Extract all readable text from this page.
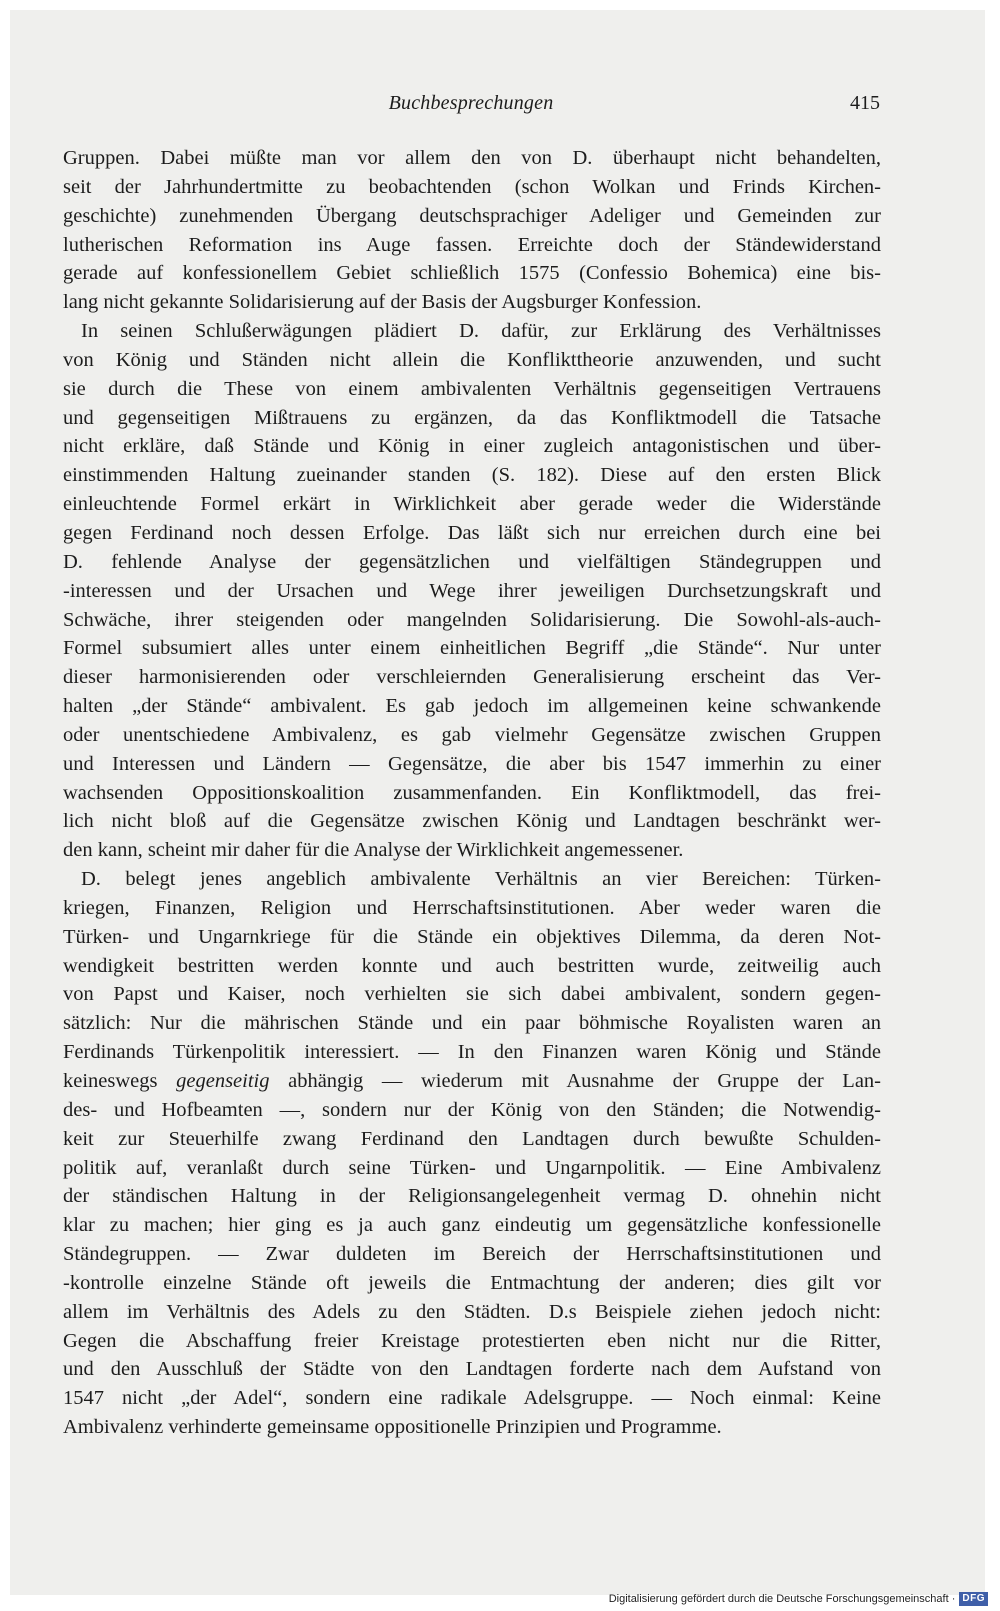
Buchbesprechungen	415
Gruppen. Dabei müßte man vor allem den von D. überhaupt nicht behandelten,
seit der Jahrhundertmitte zu beobachtenden (schon Wolkan und Frinds Kirchen-
geschichte) zunehmenden Übergang deutschsprachiger Adeliger und Gemeinden zur
lutherischen Reformation ins Auge fassen. Erreichte doch der Ständewiderstand
gerade auf konfessionellem Gebiet schließlich 1575 (Confessio Bohemica) eine bis-
lang nicht gekannte Solidarisierung auf der Basis der Augsburger Konfession.
In seinen Schlußerwägungen plädiert D. dafür, zur Erklärung des Verhältnisses
von König und Ständen nicht allein die Konflikttheorie anzuwenden, und sucht
sie durch die These von einem ambivalenten Verhältnis gegenseitigen Vertrauens
und gegenseitigen Mißtrauens zu ergänzen, da das Konfliktmodell die Tatsache
nicht erkläre, daß Stände und König in einer zugleich antagonistischen und über-
einstimmenden Haltung zueinander standen (S. 182). Diese auf den ersten Blick
einleuchtende Formel erkärt in Wirklichkeit aber gerade weder die Widerstände
gegen Ferdinand noch dessen Erfolge. Das läßt sich nur erreichen durch eine bei
D. fehlende Analyse der gegensätzlichen und vielfältigen Ständegruppen und
-interessen und der Ursachen und Wege ihrer jeweiligen Durchsetzungskraft und
Schwäche, ihrer steigenden oder mangelnden Solidarisierung. Die Sowohl-als-auch-
Formel subsumiert alles unter einem einheitlichen Begriff „die Stände“. Nur unter
dieser harmonisierenden oder verschleiernden Generalisierung erscheint das Ver-
halten „der Stände“ ambivalent. Es gab jedoch im allgemeinen keine schwankende
oder unentschiedene Ambivalenz, es gab vielmehr Gegensätze zwischen Gruppen
und Interessen und Ländern — Gegensätze, die aber bis 1547 immerhin zu einer
wachsenden Oppositionskoalition zusammenfanden. Ein Konfliktmodell, das frei-
lich nicht bloß auf die Gegensätze zwischen König und Landtagen beschränkt wer-
den kann, scheint mir daher für die Analyse der Wirklichkeit angemessener.
D. belegt jenes angeblich ambivalente Verhältnis an vier Bereichen: Türken-
kriegen, Finanzen, Religion und Herrschaftsinstitutionen. Aber weder waren die
Türken- und Ungarnkriege für die Stände ein objektives Dilemma, da deren Not-
wendigkeit bestritten werden konnte und auch bestritten wurde, zeitweilig auch
von Papst und Kaiser, noch verhielten sie sich dabei ambivalent, sondern gegen-
sätzlich: Nur die mährischen Stände und ein paar böhmische Royalisten waren an
Ferdinands Türkenpolitik interessiert. — In den Finanzen waren König und Stände
keineswegs gegenseitig abhängig — wiederum mit Ausnahme der Gruppe der Lan-
des- und Hofbeamten —, sondern nur der König von den Ständen; die Notwendig-
keit zur Steuerhilfe zwang Ferdinand den Landtagen durch bewußte Schulden-
politik auf, veranlaßt durch seine Türken- und Ungarnpolitik. — Eine Ambivalenz
der ständischen Haltung in der Religionsangelegenheit vermag D. ohnehin nicht
klar zu machen; hier ging es ja auch ganz eindeutig um gegensätzliche konfessionelle
Ständegruppen. — Zwar duldeten im Bereich der Herrschaftsinstitutionen und
-kontrolle einzelne Stände oft jeweils die Entmachtung der anderen; dies gilt vor
allem im Verhältnis des Adels zu den Städten. D.s Beispiele ziehen jedoch nicht:
Gegen die Abschaffung freier Kreistage protestierten eben nicht nur die Ritter,
und den Ausschluß der Städte von den Landtagen forderte nach dem Aufstand von
1547 nicht „der Adel“, sondern eine radikale Adelsgruppe. — Noch einmal: Keine
Ambivalenz verhinderte gemeinsame oppositionelle Prinzipien und Programme.
Digitalisierung gefördert durch die Deutsche Forschungsgemeinschaft · DFG
